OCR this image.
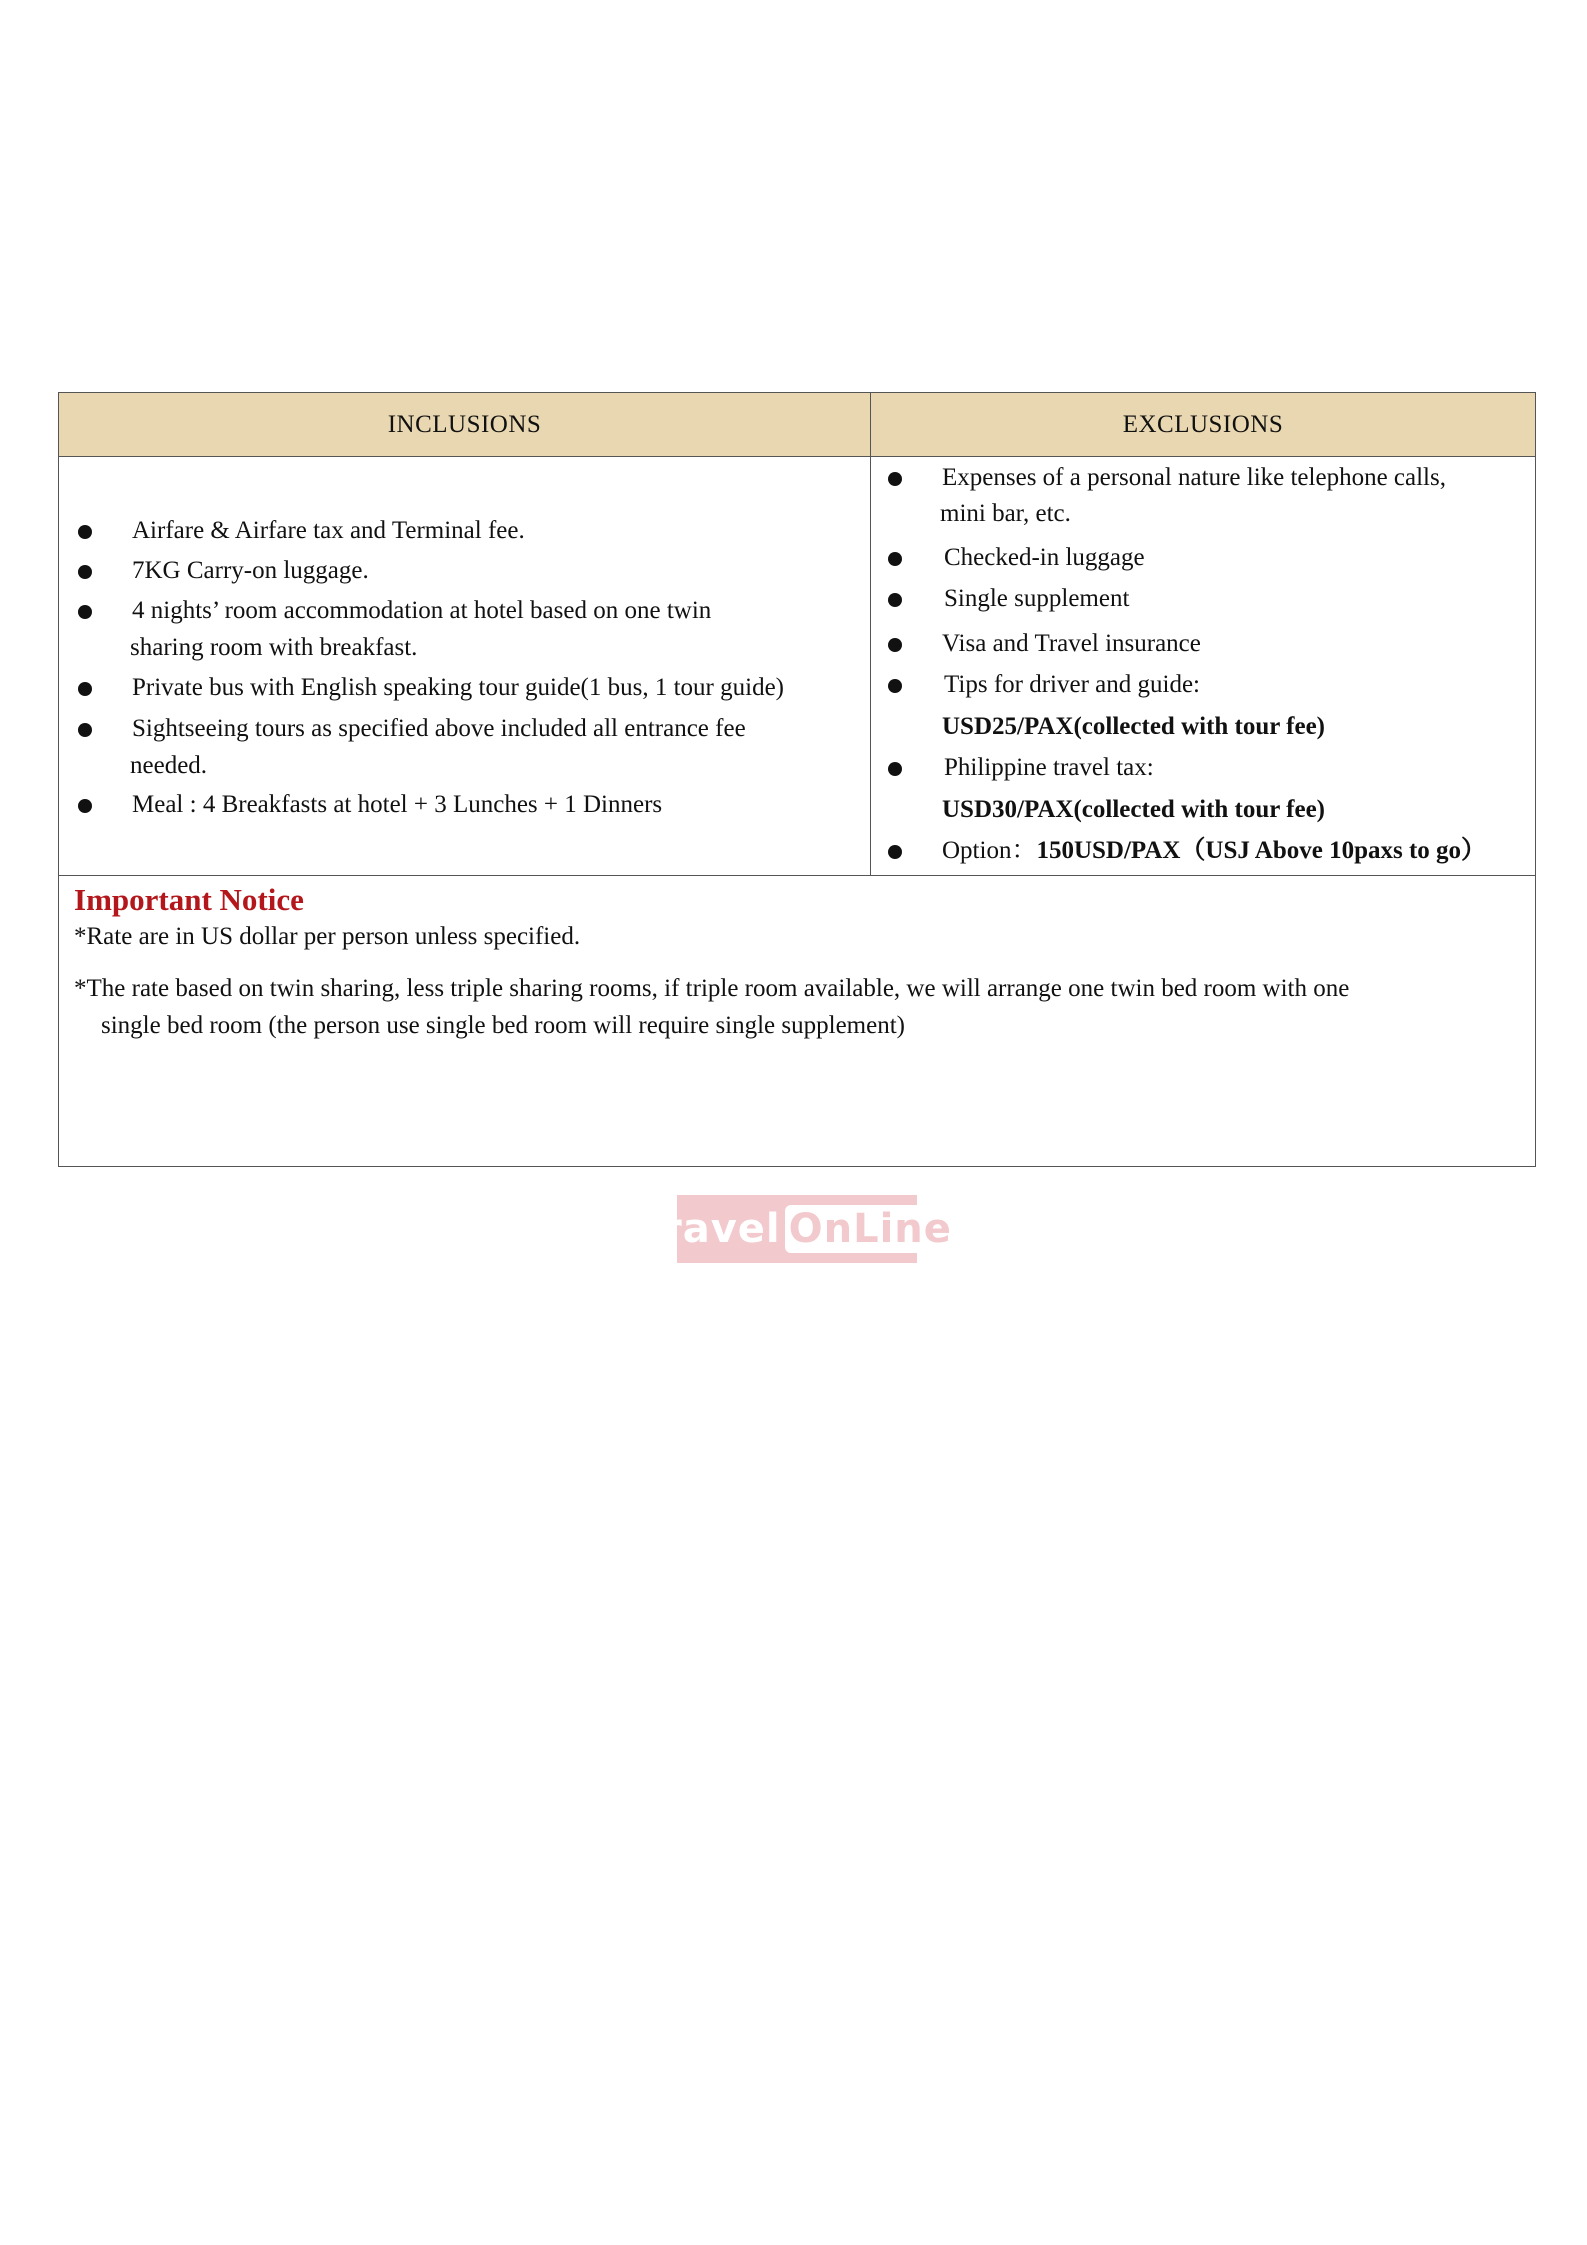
INCLUSIONS	EXCLUSIONS
Airfare & Airfare tax and Terminal fee.
7KG Carry-on luggage.
4 nights’ room accommodation at hotel based on one twin
sharing room with breakfast.
Private bus with English speaking tour guide(1 bus, 1 tour guide)
Sightseeing tours as specified above included all entrance fee
needed.
Meal : 4 Breakfasts at hotel + 3 Lunches + 1 Dinners
Expenses of a personal nature like telephone calls,
mini bar, etc.
Checked-in luggage
Single supplement
Visa and Travel insurance
Tips for driver and guide:
USD25/PAX(collected with tour fee)
Philippine travel tax:
USD30/PAX(collected with tour fee)
Option：150USD/PAX（USJ Above 10paxs to go）
Important Notice
*Rate are in US dollar per person unless specified.
*The rate based on twin sharing, less triple sharing rooms, if triple room available, we will arrange one twin bed room with one
single bed room (the person use single bed room will require single supplement)
Travel OnLine
